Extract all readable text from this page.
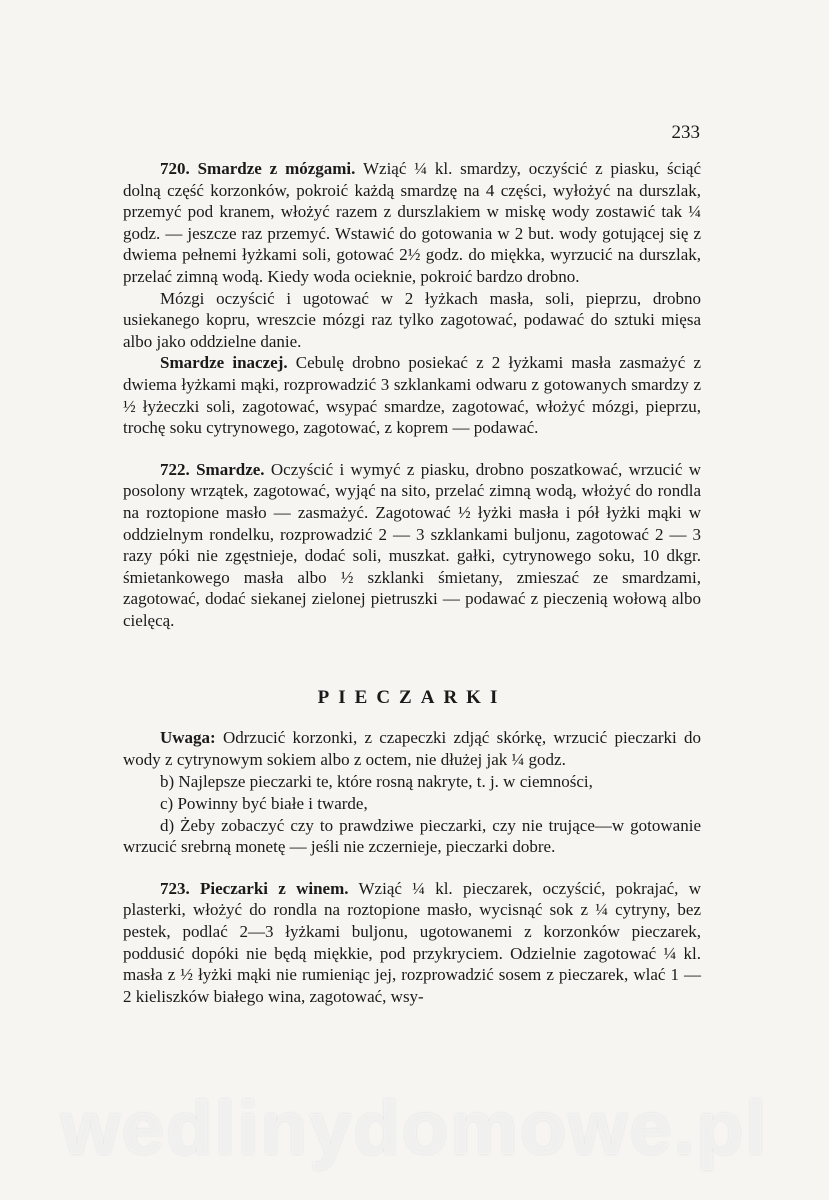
233

720. Smardze z mózgami. Wziąć ¼ kl. smardzy, oczyścić z piasku, ściąć dolną część korzonków, pokroić każdą smardzę na 4 części, wyłożyć na durszlak, przemyć pod kranem, włożyć razem z durszlakiem w miskę wody zostawić tak ¼ godz. — jeszcze raz przemyć. Wstawić do gotowania w 2 but. wody gotującej się z dwiema pełnemi łyżkami soli, gotować 2½ godz. do miękka, wyrzucić na durszlak, przelać zimną wodą. Kiedy woda ocieknie, pokroić bardzo drobno.

Mózgi oczyścić i ugotować w 2 łyżkach masła, soli, pieprzu, drobno usiekanego kopru, wreszcie mózgi raz tylko zagotować, podawać do sztuki mięsa albo jako oddzielne danie.

Smardze inaczej. Cebulę drobno posiekać z 2 łyżkami masła zasmażyć z dwiema łyżkami mąki, rozprowadzić 3 szklankami odwaru z gotowanych smardzy z ½ łyżeczki soli, zagotować, wsypać smardze, zagotować, włożyć mózgi, pieprzu, trochę soku cytrynowego, zagotować, z koprem — podawać.

722. Smardze. Oczyścić i wymyć z piasku, drobno poszatkować, wrzucić w posolony wrzątek, zagotować, wyjąć na sito, przelać zimną wodą, włożyć do rondla na roztopione masło — zasmażyć. Zagotować ½ łyżki masła i pół łyżki mąki w oddzielnym rondelku, rozprowadzić 2 — 3 szklankami buljonu, zagotować 2 — 3 razy póki nie zgęstnieje, dodać soli, muszkat. gałki, cytrynowego soku, 10 dkgr. śmietankowego masła albo ½ szklanki śmietany, zmieszać ze smardzami, zagotować, dodać siekanej zielonej pietruszki — podawać z pieczenią wołową albo cielęcą.

PIECZARKI

Uwaga: Odrzucić korzonki, z czapeczki zdjąć skórkę, wrzucić pieczarki do wody z cytrynowym sokiem albo z octem, nie dłużej jak ¼ godz.

b) Najlepsze pieczarki te, które rosną nakryte, t. j. w ciemności,

c) Powinny być białe i twarde,

d) Żeby zobaczyć czy to prawdziwe pieczarki, czy nie trujące—w gotowanie wrzucić srebrną monetę — jeśli nie zczernieje, pieczarki dobre.

723. Pieczarki z winem. Wziąć ¼ kl. pieczarek, oczyścić, pokrajać, w plasterki, włożyć do rondla na roztopione masło, wycisnąć sok z ¼ cytryny, bez pestek, podlać 2—3 łyżkami buljonu, ugotowanemi z korzonków pieczarek, poddusić dopóki nie będą miękkie, pod przykryciem. Odzielnie zagotować ¼ kl. masła z ½ łyżki mąki nie rumieniąc jej, rozprowadzić sosem z pieczarek, wlać 1 — 2 kieliszków białego wina, zagotować, wsy-

wedlinydomowe.pl
